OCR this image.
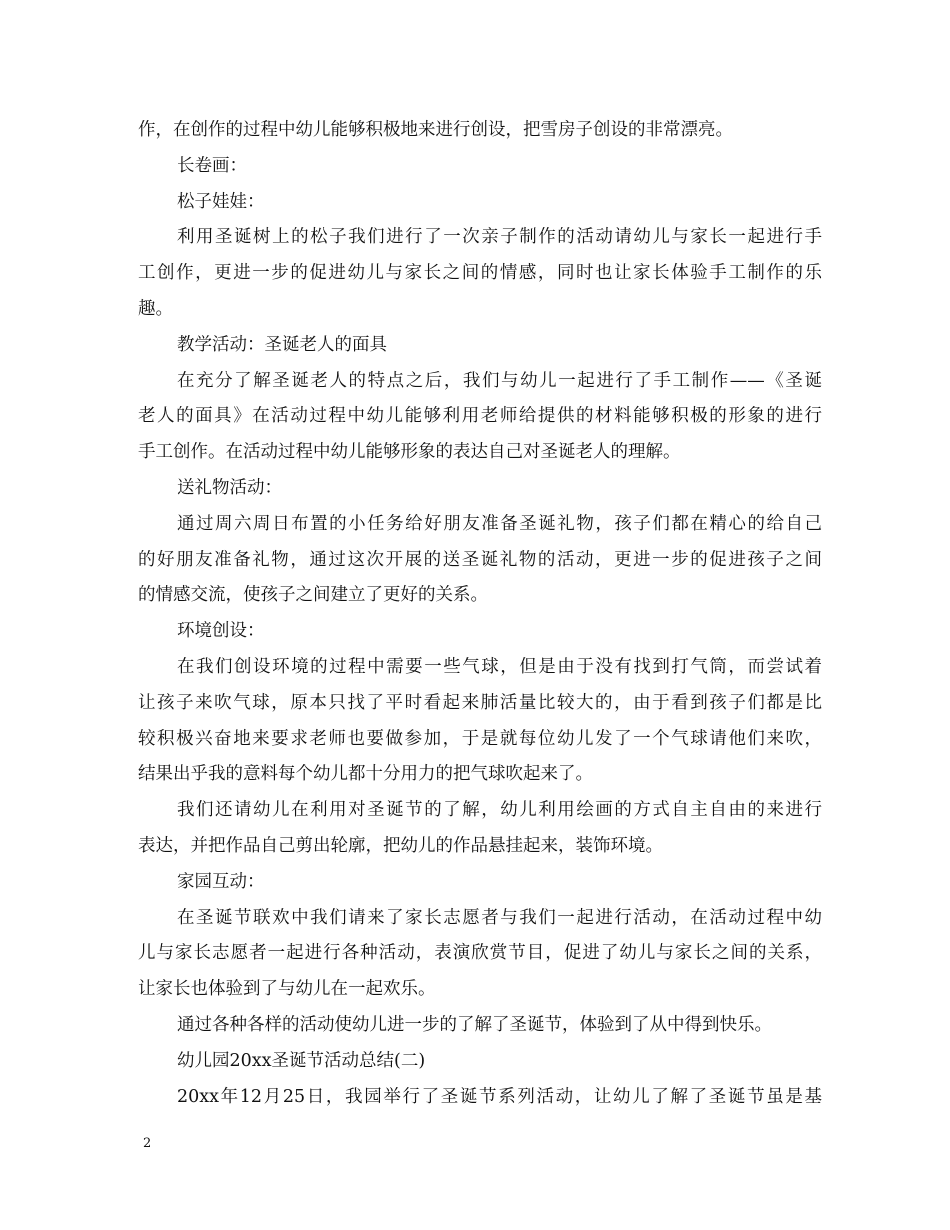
作，在创作的过程中幼儿能够积极地来进行创设，把雪房子创设的非常漂亮。
长卷画：
松子娃娃：
利用圣诞树上的松子我们进行了一次亲子制作的活动请幼儿与家长一起进行手
工创作，更进一步的促进幼儿与家长之间的情感，同时也让家长体验手工制作的乐
趣。
教学活动：圣诞老人的面具
在充分了解圣诞老人的特点之后，我们与幼儿一起进行了手工制作——《圣诞
老人的面具》在活动过程中幼儿能够利用老师给提供的材料能够积极的形象的进行
手工创作。在活动过程中幼儿能够形象的表达自己对圣诞老人的理解。
送礼物活动：
通过周六周日布置的小任务给好朋友准备圣诞礼物，孩子们都在精心的给自己
的好朋友准备礼物，通过这次开展的送圣诞礼物的活动，更进一步的促进孩子之间
的情感交流，使孩子之间建立了更好的关系。
环境创设：
在我们创设环境的过程中需要一些气球，但是由于没有找到打气筒，而尝试着
让孩子来吹气球，原本只找了平时看起来肺活量比较大的，由于看到孩子们都是比
较积极兴奋地来要求老师也要做参加，于是就每位幼儿发了一个气球请他们来吹，
结果出乎我的意料每个幼儿都十分用力的把气球吹起来了。
我们还请幼儿在利用对圣诞节的了解，幼儿利用绘画的方式自主自由的来进行
表达，并把作品自己剪出轮廓，把幼儿的作品悬挂起来，装饰环境。
家园互动：
在圣诞节联欢中我们请来了家长志愿者与我们一起进行活动，在活动过程中幼
儿与家长志愿者一起进行各种活动，表演欣赏节目，促进了幼儿与家长之间的关系，
让家长也体验到了与幼儿在一起欢乐。
通过各种各样的活动使幼儿进一步的了解了圣诞节，体验到了从中得到快乐。
幼儿园20xx圣诞节活动总结(二)
20xx年12月25日，我园举行了圣诞节系列活动，让幼儿了解了圣诞节虽是基
2
